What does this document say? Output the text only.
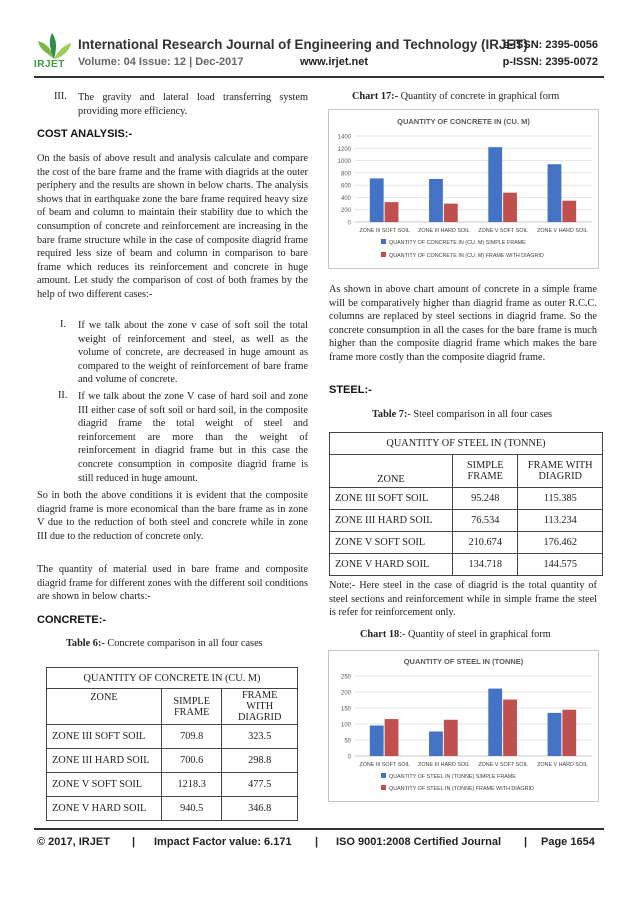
IRJET
International Research Journal of Engineering and Technology (IRJET)
e-ISSN: 2395-0056
Volume: 04 Issue: 12 | Dec-2017	www.irjet.net	p-ISSN: 2395-0072
III. The gravity and lateral load transferring system providing more efficiency.
COST ANALYSIS:-
On the basis of above result and analysis calculate and compare the cost of the bare frame and the frame with diagrids at the outer periphery and the results are shown in below charts. The analysis shows that in earthquake zone the bare frame required heavy size of beam and column to maintain their stability due to which the consumption of concrete and reinforcement are increasing in the bare frame structure while in the case of composite diagrid frame required less size of beam and column in comparison to bare frame which reduces its reinforcement and concrete in huge amount. Let study the comparison of cost of both frames by the help of two different cases:-
I. If we talk about the zone v case of soft soil the total weight of reinforcement and steel, as well as the volume of concrete, are decreased in huge amount as compared to the weight of reinforcement of bare frame and volume of concrete.
II. If we talk about the zone V case of hard soil and zone III either case of soft soil or hard soil, in the composite diagrid frame the total weight of steel and reinforcement are more than the weight of reinforcement in diagrid frame but in this case the concrete consumption in composite diagrid frame is still reduced in huge amount.
So in both the above conditions it is evident that the composite diagrid frame is more economical than the bare frame as in zone V due to the reduction of both steel and concrete while in zone III due to the reduction of concrete only.
The quantity of material used in bare frame and composite diagrid frame for different zones with the different soil conditions are shown in below charts:-
CONCRETE:-
Table 6:- Concrete comparison in all four cases
QUANTITY OF CONCRETE IN (CU. M)		
ZONE	SIMPLE FRAME	FRAME WITH DIAGRID
ZONE III SOFT SOIL	709.8	323.5
ZONE III HARD SOIL	700.6	298.8
ZONE V SOFT SOIL	1218.3	477.5
ZONE V HARD SOIL	940.5	346.8
Chart 17:- Quantity of concrete in graphical form
QUANTITY OF CONCRETE IN (CU. M)
0
200
400
600
800
1000
1200
1400
ZONE III SOFT SOIL ZONE III HARD SOIL ZONE V SOFT SOIL ZONE V HARD SOIL
QUANTITY OF CONCRETE IN (CU. M) SIMPLE FRAME
QUANTITY OF CONCRETE IN (CU. M) FRAME WITH DIAGRID
As shown in above chart amount of concrete in a simple frame will be comparatively higher than diagrid frame as outer R.C.C. columns are replaced by steel sections in diagrid frame. So the concrete consumption in all the cases for the bare frame is much higher than the composite diagrid frame which makes the bare frame more costly than the composite diagrid frame.
STEEL:-
Table 7:- Steel comparison in all four cases
QUANTITY OF STEEL IN (TONNE)		
ZONE	SIMPLE FRAME	FRAME WITH DIAGRID
ZONE III SOFT SOIL	95.248	115.385
ZONE III HARD SOIL	76.534	113.234
ZONE V SOFT SOIL	210.674	176.462
ZONE V HARD SOIL	134.718	144.575
Note:- Here steel in the case of diagrid is the total quantity of steel sections and reinforcement while in simple frame the steel is refer for reinforcement only.
Chart 18:- Quantity of steel in graphical form
QUANTITY OF STEEL IN (TONNE)
0
50
100
150
200
250
ZONE III SOFT SOIL ZONE III HARD SOIL ZONE V SOFT SOIL ZONE V HARD SOIL
QUANTITY OF STEEL IN (TONNE) SIMPLE FRAME
QUANTITY OF STEEL IN (TONNE) FRAME WITH DIAGRID
© 2017, IRJET | Impact Factor value: 6.171 | ISO 9001:2008 Certified Journal | Page 1654
